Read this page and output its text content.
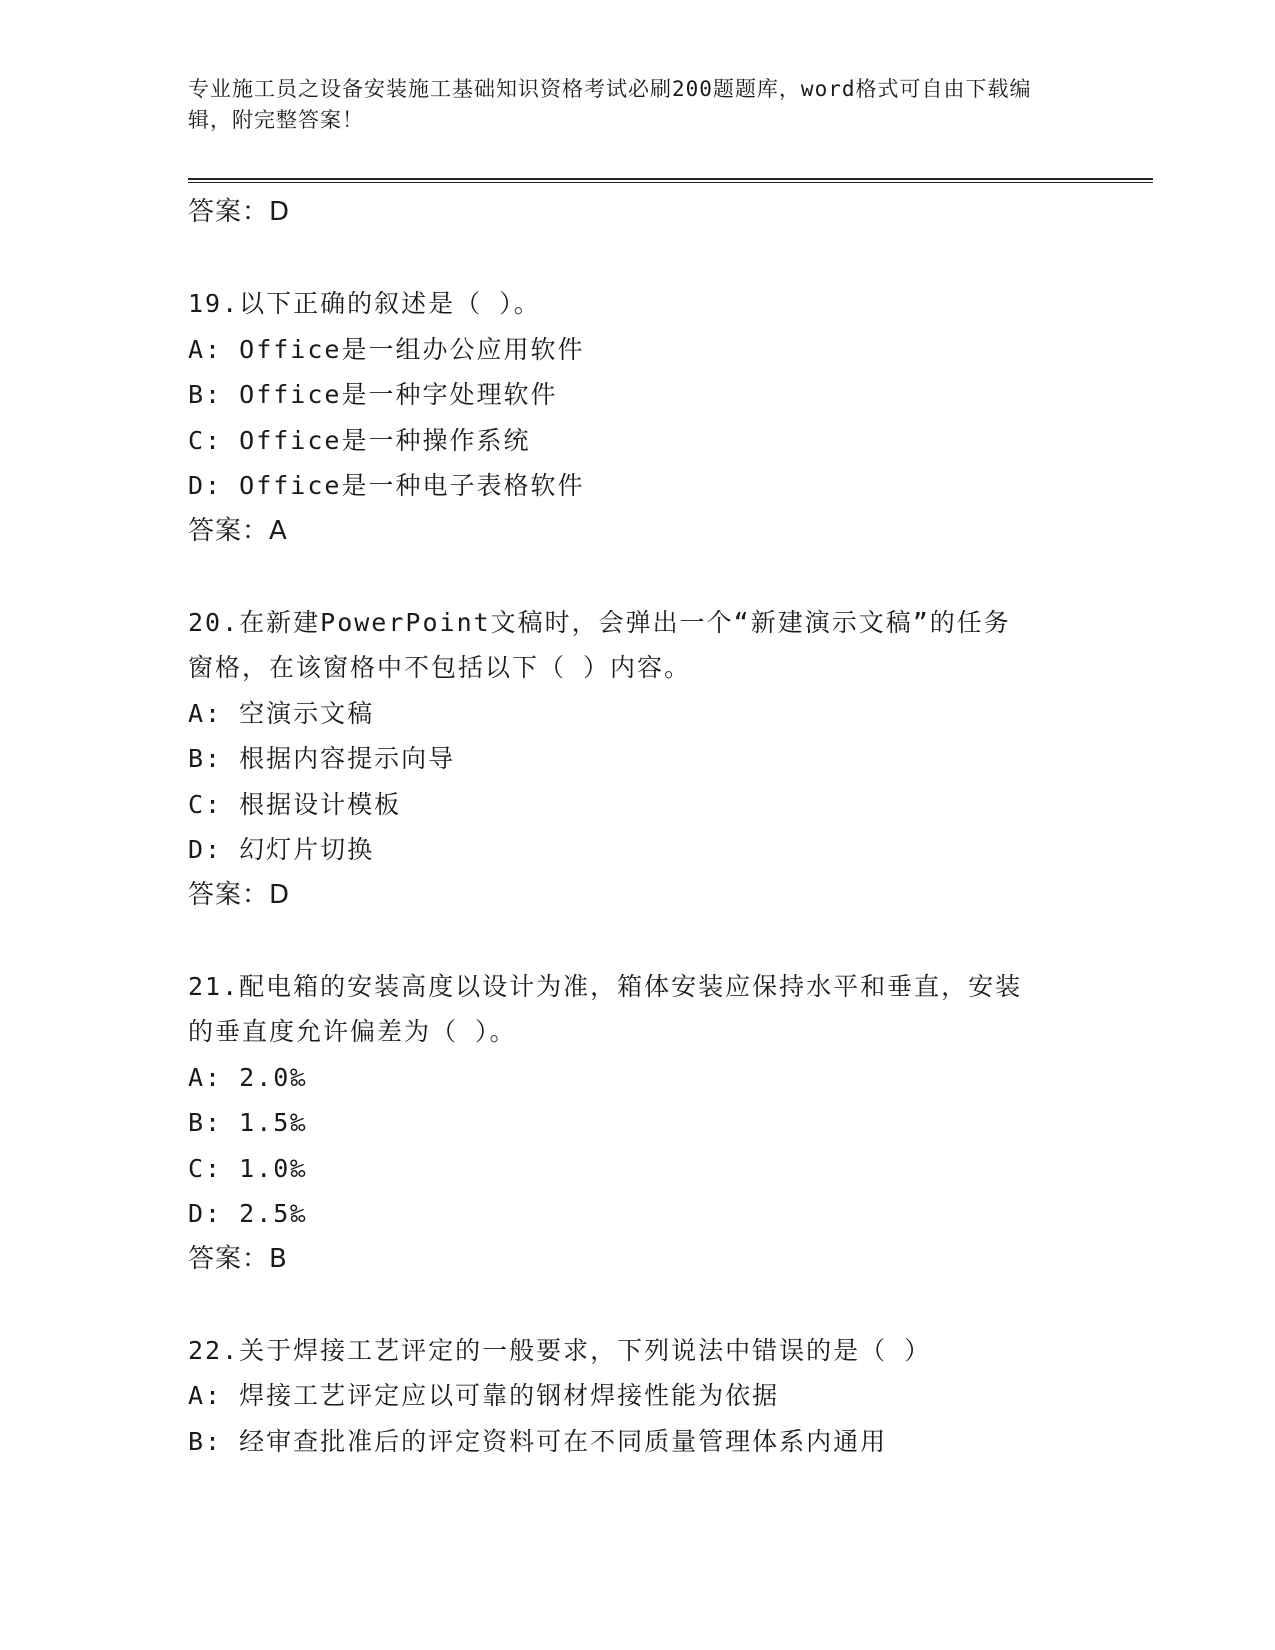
专业施工员之设备安装施工基础知识资格考试必刷200题题库，word格式可自由下载编辑，附完整答案！
答案：D
19.以下正确的叙述是（ ）。
A: Office是一组办公应用软件
B: Office是一种字处理软件
C: Office是一种操作系统
D: Office是一种电子表格软件
答案：A
20.在新建PowerPoint文稿时，会弹出一个“新建演示文稿”的任务
窗格，在该窗格中不包括以下（ ）内容。
A: 空演示文稿
B: 根据内容提示向导
C: 根据设计模板
D: 幻灯片切换
答案：D
21.配电箱的安装高度以设计为准，箱体安装应保持水平和垂直，安装
的垂直度允许偏差为（ ）。
A: 2.0‰
B: 1.5‰
C: 1.0‰
D: 2.5‰
答案：B
22.关于焊接工艺评定的一般要求，下列说法中错误的是（ ）
A: 焊接工艺评定应以可靠的钢材焊接性能为依据
B: 经审查批准后的评定资料可在不同质量管理体系内通用
